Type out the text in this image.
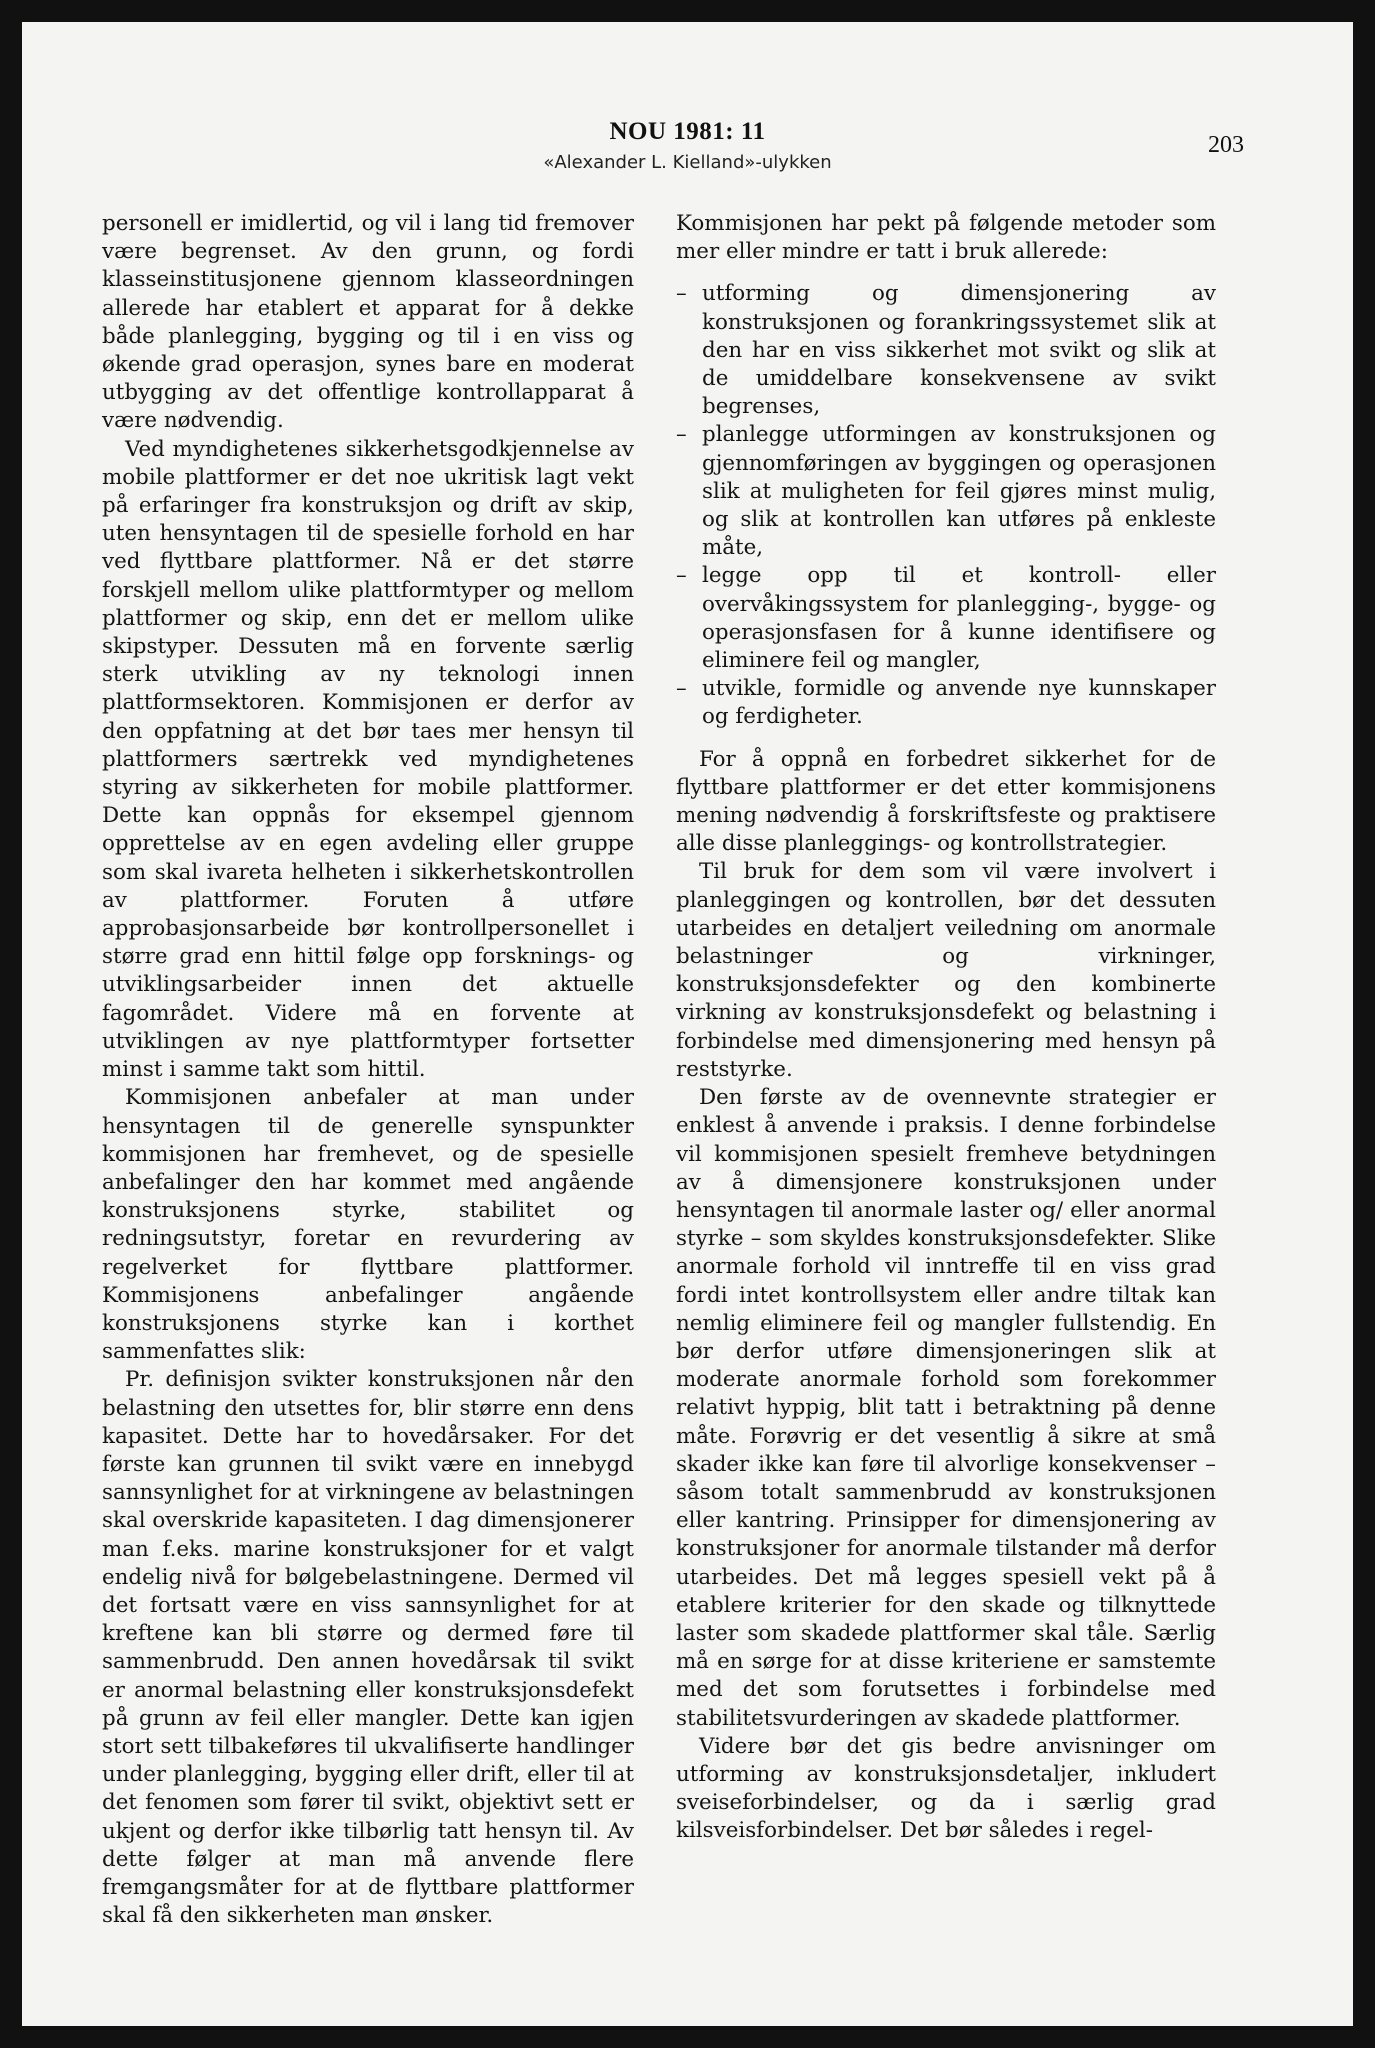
NOU 1981: 11
«Alexander L. Kielland»-ulykken
203

personell er imidlertid, og vil i lang tid fremover være begrenset. Av den grunn, og fordi klasseinstitusjonene gjennom klasseordningen allerede har etablert et apparat for å dekke både planlegging, bygging og til i en viss og økende grad operasjon, synes bare en moderat utbygging av det offentlige kontrollapparat å være nødvendig.

Ved myndighetenes sikkerhetsgodkjennelse av mobile plattformer er det noe ukritisk lagt vekt på erfaringer fra konstruksjon og drift av skip, uten hensyntagen til de spesielle forhold en har ved flyttbare plattformer. Nå er det større forskjell mellom ulike plattformtyper og mellom plattformer og skip, enn det er mellom ulike skipstyper. Dessuten må en forvente særlig sterk utvikling av ny teknologi innen plattformsektoren. Kommisjonen er derfor av den oppfatning at det bør taes mer hensyn til plattformers særtrekk ved myndighetenes styring av sikkerheten for mobile plattformer. Dette kan oppnås for eksempel gjennom opprettelse av en egen avdeling eller gruppe som skal ivareta helheten i sikkerhetskontrollen av plattformer. Foruten å utføre approbasjonsarbeide bør kontrollpersonellet i større grad enn hittil følge opp forsknings- og utviklingsarbeider innen det aktuelle fagområdet. Videre må en forvente at utviklingen av nye plattformtyper fortsetter minst i samme takt som hittil.

Kommisjonen anbefaler at man under hensyntagen til de generelle synspunkter kommisjonen har fremhevet, og de spesielle anbefalinger den har kommet med angående konstruksjonens styrke, stabilitet og redningsutstyr, foretar en revurdering av regelverket for flyttbare plattformer. Kommisjonens anbefalinger angående konstruksjonens styrke kan i korthet sammenfattes slik:

Pr. definisjon svikter konstruksjonen når den belastning den utsettes for, blir større enn dens kapasitet. Dette har to hovedårsaker. For det første kan grunnen til svikt være en innebygd sannsynlighet for at virkningene av belastningen skal overskride kapasiteten. I dag dimensjonerer man f.eks. marine konstruksjoner for et valgt endelig nivå for bølgebelastningene. Dermed vil det fortsatt være en viss sannsynlighet for at kreftene kan bli større og dermed føre til sammenbrudd. Den annen hovedårsak til svikt er anormal belastning eller konstruksjonsdefekt på grunn av feil eller mangler. Dette kan igjen stort sett tilbakeføres til ukvalifiserte handlinger under planlegging, bygging eller drift, eller til at det fenomen som fører til svikt, objektivt sett er ukjent og derfor ikke tilbørlig tatt hensyn til. Av dette følger at man må anvende flere fremgangsmåter for at de flyttbare plattformer skal få den sikkerheten man ønsker.

Kommisjonen har pekt på følgende metoder som mer eller mindre er tatt i bruk allerede:

– utforming og dimensjonering av konstruksjonen og forankringssystemet slik at den har en viss sikkerhet mot svikt og slik at de umiddelbare konsekvensene av svikt begrenses,
– planlegge utformingen av konstruksjonen og gjennomføringen av byggingen og operasjonen slik at muligheten for feil gjøres minst mulig, og slik at kontrollen kan utføres på enkleste måte,
– legge opp til et kontroll- eller overvåkingssystem for planlegging-, bygge- og operasjonsfasen for å kunne identifisere og eliminere feil og mangler,
– utvikle, formidle og anvende nye kunnskaper og ferdigheter.

For å oppnå en forbedret sikkerhet for de flyttbare plattformer er det etter kommisjonens mening nødvendig å forskriftsfeste og praktisere alle disse planleggings- og kontrollstrategier.

Til bruk for dem som vil være involvert i planleggingen og kontrollen, bør det dessuten utarbeides en detaljert veiledning om anormale belastninger og virkninger, konstruksjonsdefekter og den kombinerte virkning av konstruksjonsdefekt og belastning i forbindelse med dimensjonering med hensyn på reststyrke.

Den første av de ovennevnte strategier er enklest å anvende i praksis. I denne forbindelse vil kommisjonen spesielt fremheve betydningen av å dimensjonere konstruksjonen under hensyntagen til anormale laster og/ eller anormal styrke – som skyldes konstruksjonsdefekter. Slike anormale forhold vil inntreffe til en viss grad fordi intet kontrollsystem eller andre tiltak kan nemlig eliminere feil og mangler fullstendig. En bør derfor utføre dimensjoneringen slik at moderate anormale forhold som forekommer relativt hyppig, blit tatt i betraktning på denne måte. Forøvrig er det vesentlig å sikre at små skader ikke kan føre til alvorlige konsekvenser – såsom totalt sammenbrudd av konstruksjonen eller kantring. Prinsipper for dimensjonering av konstruksjoner for anormale tilstander må derfor utarbeides. Det må legges spesiell vekt på å etablere kriterier for den skade og tilknyttede laster som skadede plattformer skal tåle. Særlig må en sørge for at disse kriteriene er samstemte med det som forutsettes i forbindelse med stabilitetsvurderingen av skadede plattformer.

Videre bør det gis bedre anvisninger om utforming av konstruksjonsdetaljer, inkludert sveiseforbindelser, og da i særlig grad kilsveisforbindelser. Det bør således i regel-
